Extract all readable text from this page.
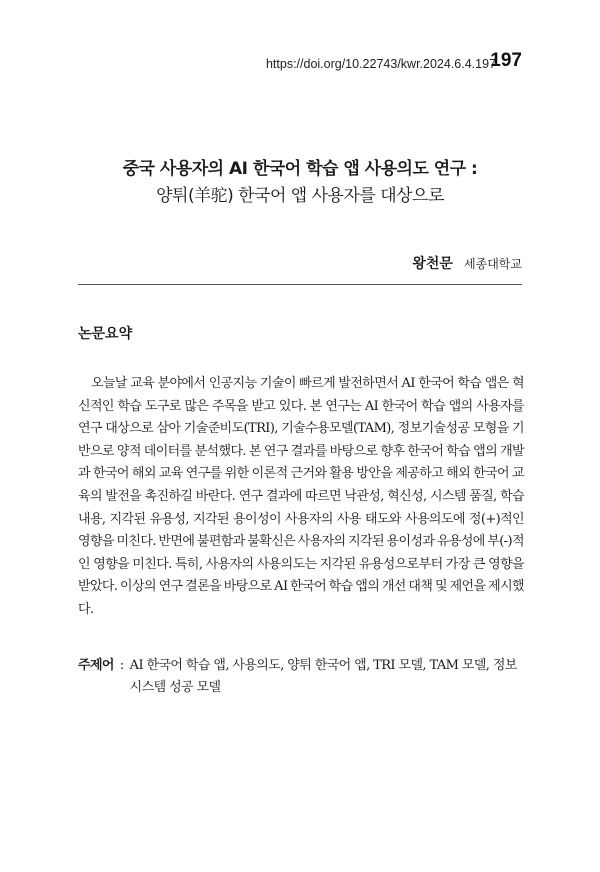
https://doi.org/10.22743/kwr.2024.6.4.197
197
중국 사용자의 AI 한국어 학습 앱 사용의도 연구 :
양튀(羊驼) 한국어 앱 사용자를 대상으로
왕천문 세종대학교
논문요약

오늘날 교육 분야에서 인공지능 기술이 빠르게 발전하면서 AI 한국어 학습 앱은 혁신적인 학습 도구로 많은 주목을 받고 있다. 본 연구는 AI 한국어 학습 앱의 사용자를 연구 대상으로 삼아 기술준비도(TRI), 기술수용모델(TAM), 정보기술성공 모형을 기반으로 양적 데이터를 분석했다. 본 연구 결과를 바탕으로 향후 한국어 학습 앱의 개발과 한국어 해외 교육 연구를 위한 이론적 근거와 활용 방안을 제공하고 해외 한국어 교육의 발전을 촉진하길 바란다. 연구 결과에 따르면 낙관성, 혁신성, 시스템 품질, 학습 내용, 지각된 유용성, 지각된 용이성이 사용자의 사용 태도와 사용의도에 정(+)적인 영향을 미친다. 반면에 불편함과 불확신은 사용자의 지각된 용이성과 유용성에 부(-)적인 영향을 미친다. 특히, 사용자의 사용의도는 지각된 유용성으로부터 가장 큰 영향을 받았다. 이상의 연구 결론을 바탕으로 AI 한국어 학습 앱의 개선 대책 및 제언을 제시했다.

주제어 : AI 한국어 학습 앱, 사용의도, 양튀 한국어 앱, TRI 모델, TAM 모델, 정보시스템 성공 모델
